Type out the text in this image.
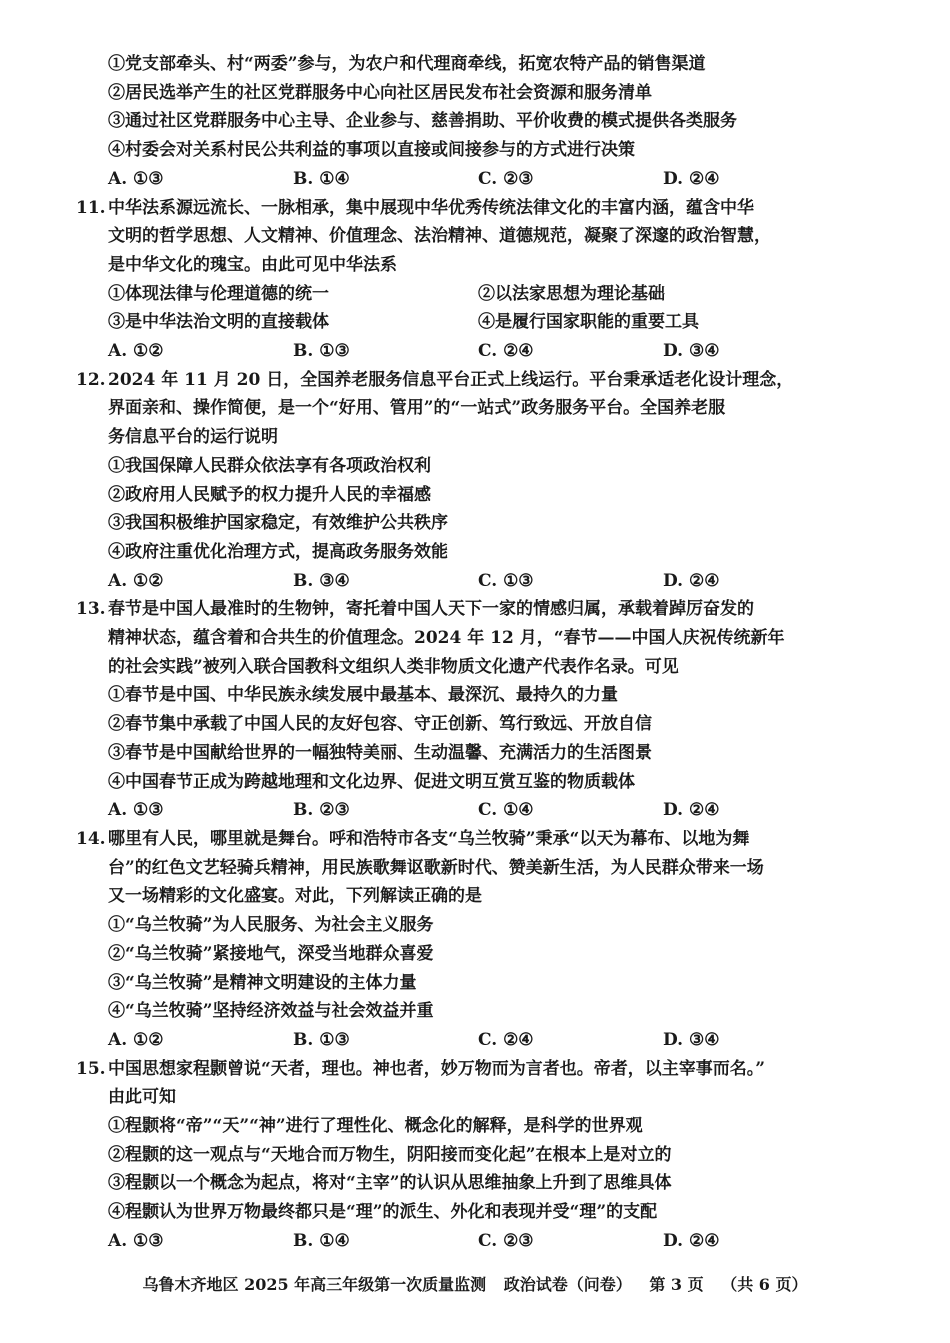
①党支部牵头、村“两委”参与，为农户和代理商牵线，拓宽农特产品的销售渠道
②居民选举产生的社区党群服务中心向社区居民发布社会资源和服务清单
③通过社区党群服务中心主导、企业参与、慈善捐助、平价收费的模式提供各类服务
④村委会对关系村民公共利益的事项以直接或间接参与的方式进行决策
A. ①③	B. ①④	C. ②③	D. ②④
11. 中华法系源远流长、一脉相承，集中展现中华优秀传统法律文化的丰富内涵，蕴含中华
文明的哲学思想、人文精神、价值理念、法治精神、道德规范，凝聚了深邃的政治智慧，
是中华文化的瑰宝。由此可见中华法系
①体现法律与伦理道德的统一	②以法家思想为理论基础
③是中华法治文明的直接载体	④是履行国家职能的重要工具
A. ①②	B. ①③	C. ②④	D. ③④
12. 2024 年 11 月 20 日，全国养老服务信息平台正式上线运行。平台秉承适老化设计理念，
界面亲和、操作简便，是一个“好用、管用”的“一站式”政务服务平台。全国养老服
务信息平台的运行说明
①我国保障人民群众依法享有各项政治权利
②政府用人民赋予的权力提升人民的幸福感
③我国积极维护国家稳定，有效维护公共秩序
④政府注重优化治理方式，提高政务服务效能
A. ①②	B. ③④	C. ①③	D. ②④
13. 春节是中国人最准时的生物钟，寄托着中国人天下一家的情感归属，承载着踔厉奋发的
精神状态，蕴含着和合共生的价值理念。2024 年 12 月，“春节——中国人庆祝传统新年
的社会实践”被列入联合国教科文组织人类非物质文化遗产代表作名录。可见
①春节是中国、中华民族永续发展中最基本、最深沉、最持久的力量
②春节集中承载了中国人民的友好包容、守正创新、笃行致远、开放自信
③春节是中国献给世界的一幅独特美丽、生动温馨、充满活力的生活图景
④中国春节正成为跨越地理和文化边界、促进文明互赏互鉴的物质载体
A. ①③	B. ②③	C. ①④	D. ②④
14. 哪里有人民，哪里就是舞台。呼和浩特市各支“乌兰牧骑”秉承“以天为幕布、以地为舞
台”的红色文艺轻骑兵精神，用民族歌舞讴歌新时代、赞美新生活，为人民群众带来一场
又一场精彩的文化盛宴。对此，下列解读正确的是
①“乌兰牧骑”为人民服务、为社会主义服务
②“乌兰牧骑”紧接地气，深受当地群众喜爱
③“乌兰牧骑”是精神文明建设的主体力量
④“乌兰牧骑”坚持经济效益与社会效益并重
A. ①②	B. ①③	C. ②④	D. ③④
15. 中国思想家程颢曾说“天者，理也。神也者，妙万物而为言者也。帝者，以主宰事而名。”
由此可知
①程颢将“帝”“天”“神”进行了理性化、概念化的解释，是科学的世界观
②程颢的这一观点与“天地合而万物生，阴阳接而变化起”在根本上是对立的
③程颢以一个概念为起点，将对“主宰”的认识从思维抽象上升到了思维具体
④程颢认为世界万物最终都只是“理”的派生、外化和表现并受“理”的支配
A. ①③	B. ①④	C. ②③	D. ②④
乌鲁木齐地区 2025 年高三年级第一次质量监测 政治试卷（问卷） 第 3 页 （共 6 页）
